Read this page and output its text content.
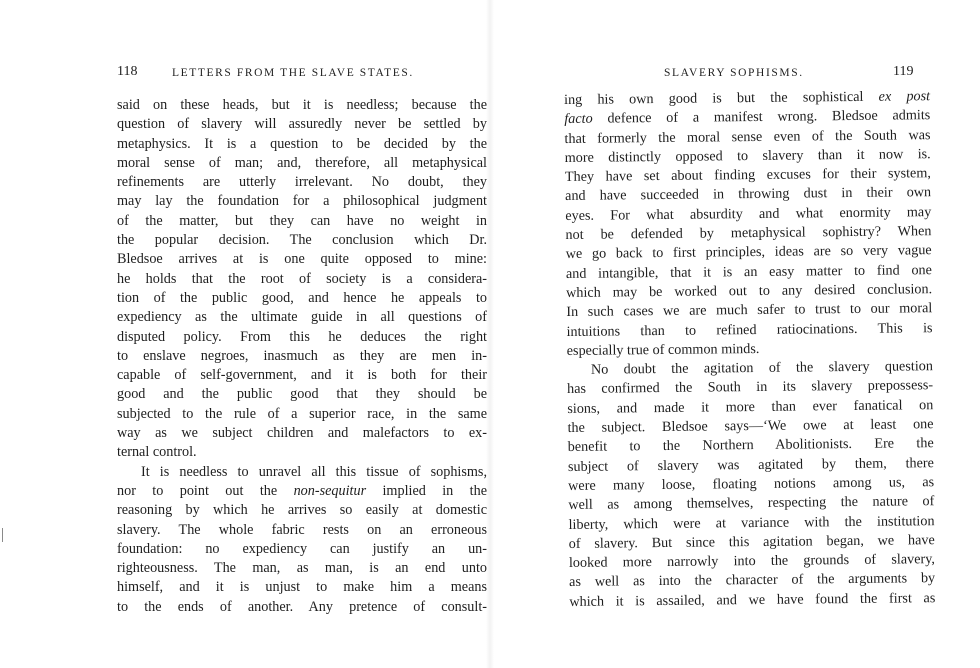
118	LETTERS FROM THE SLAVE STATES.
said on these heads, but it is needless; because the
question of slavery will assuredly never be settled by
metaphysics. It is a question to be decided by the
moral sense of man; and, therefore, all metaphysical
refinements are utterly irrelevant. No doubt, they
may lay the foundation for a philosophical judgment
of the matter, but they can have no weight in
the popular decision. The conclusion which Dr.
Bledsoe arrives at is one quite opposed to mine:
he holds that the root of society is a considera-
tion of the public good, and hence he appeals to
expediency as the ultimate guide in all questions of
disputed policy. From this he deduces the right
to enslave negroes, inasmuch as they are men in-
capable of self-government, and it is both for their
good and the public good that they should be
subjected to the rule of a superior race, in the same
way as we subject children and malefactors to ex-
ternal control.
It is needless to unravel all this tissue of sophisms,
nor to point out the non-sequitur implied in the
reasoning by which he arrives so easily at domestic
slavery. The whole fabric rests on an erroneous
foundation: no expediency can justify an un-
righteousness. The man, as man, is an end unto
himself, and it is unjust to make him a means
to the ends of another. Any pretence of consult-
SLAVERY SOPHISMS.	119
ing his own good is but the sophistical ex post
facto defence of a manifest wrong. Bledsoe admits
that formerly the moral sense even of the South was
more distinctly opposed to slavery than it now is.
They have set about finding excuses for their system,
and have succeeded in throwing dust in their own
eyes. For what absurdity and what enormity may
not be defended by metaphysical sophistry? When
we go back to first principles, ideas are so very vague
and intangible, that it is an easy matter to find one
which may be worked out to any desired conclusion.
In such cases we are much safer to trust to our moral
intuitions than to refined ratiocinations. This is
especially true of common minds.
No doubt the agitation of the slavery question
has confirmed the South in its slavery prepossess-
sions, and made it more than ever fanatical on
the subject. Bledsoe says—‘We owe at least one
benefit to the Northern Abolitionists. Ere the
subject of slavery was agitated by them, there
were many loose, floating notions among us, as
well as among themselves, respecting the nature of
liberty, which were at variance with the institution
of slavery. But since this agitation began, we have
looked more narrowly into the grounds of slavery,
as well as into the character of the arguments by
which it is assailed, and we have found the first as
